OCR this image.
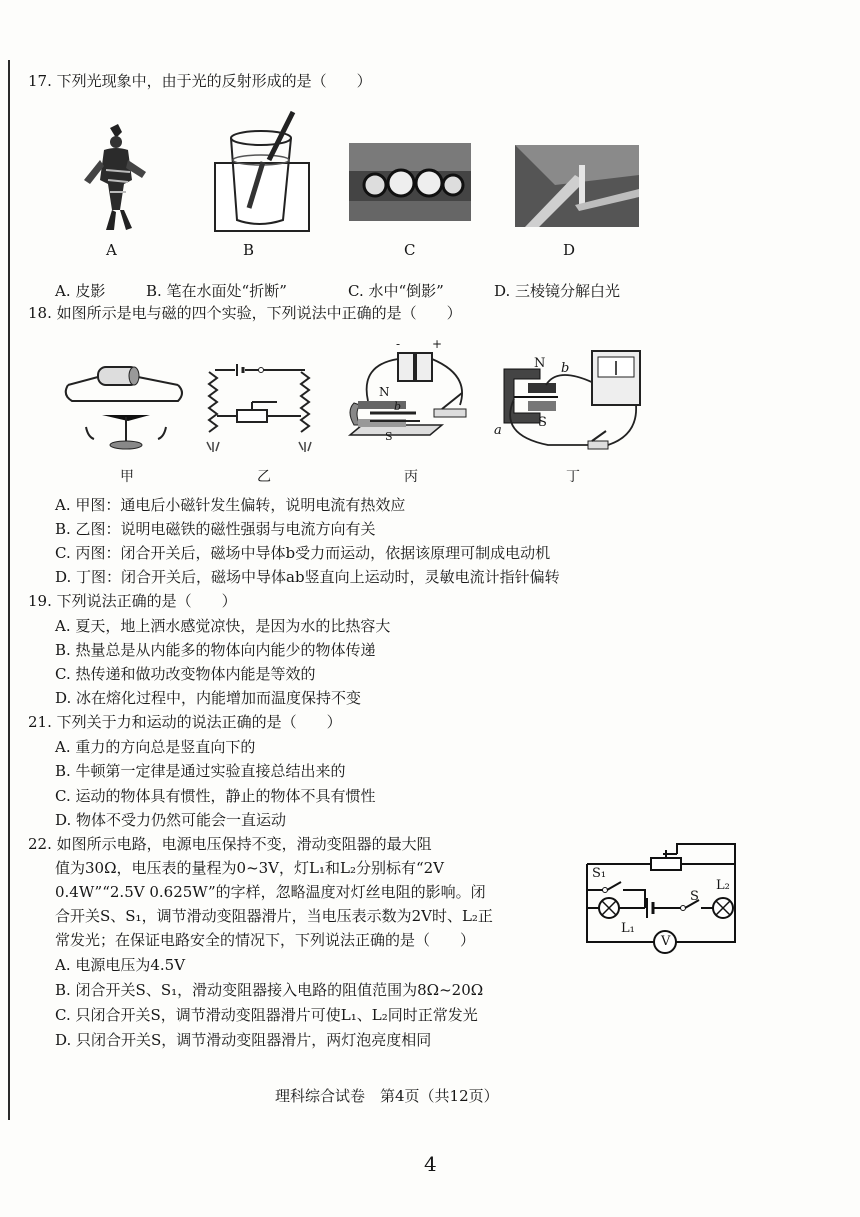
17. 下列光现象中，由于光的反射形成的是（　　）
A	B	C	D
A. 皮影	B. 笔在水面处“折断”	C. 水中“倒影”	D. 三棱镜分解白光
18. 如图所示是电与磁的四个实验，下列说法中正确的是（　　）
N
b
S
-	+
N b
S
a
甲	乙	丙	丁
A. 甲图：通电后小磁针发生偏转，说明电流有热效应
B. 乙图：说明电磁铁的磁性强弱与电流方向有关
C. 丙图：闭合开关后，磁场中导体b受力而运动，依据该原理可制成电动机
D. 丁图：闭合开关后，磁场中导体ab竖直向上运动时，灵敏电流计指针偏转
19. 下列说法正确的是（　　）
A. 夏天，地上洒水感觉凉快，是因为水的比热容大
B. 热量总是从内能多的物体向内能少的物体传递
C. 热传递和做功改变物体内能是等效的
D. 冰在熔化过程中，内能增加而温度保持不变
21. 下列关于力和运动的说法正确的是（　　）
A. 重力的方向总是竖直向下的
B. 牛顿第一定律是通过实验直接总结出来的
C. 运动的物体具有惯性，静止的物体不具有惯性
D. 物体不受力仍然可能会一直运动
22. 如图所示电路，电源电压保持不变，滑动变阻器的最大阻
值为30Ω，电压表的量程为0~3V，灯L₁和L₂分别标有“2V
0.4W”“2.5V 0.625W”的字样，忽略温度对灯丝电阻的影响。闭
合开关S、S₁，调节滑动变阻器滑片，当电压表示数为2V时、L₂正
常发光；在保证电路安全的情况下，下列说法正确的是（　　）
A. 电源电压为4.5V
B. 闭合开关S、S₁，滑动变阻器接入电路的阻值范围为8Ω~20Ω
C. 只闭合开关S，调节滑动变阻器滑片可使L₁、L₂同时正常发光
D. 只闭合开关S，调节滑动变阻器滑片，两灯泡亮度相同
S₁
S
L₂
L₁
V
理科综合试卷　第4页（共12页）
4
